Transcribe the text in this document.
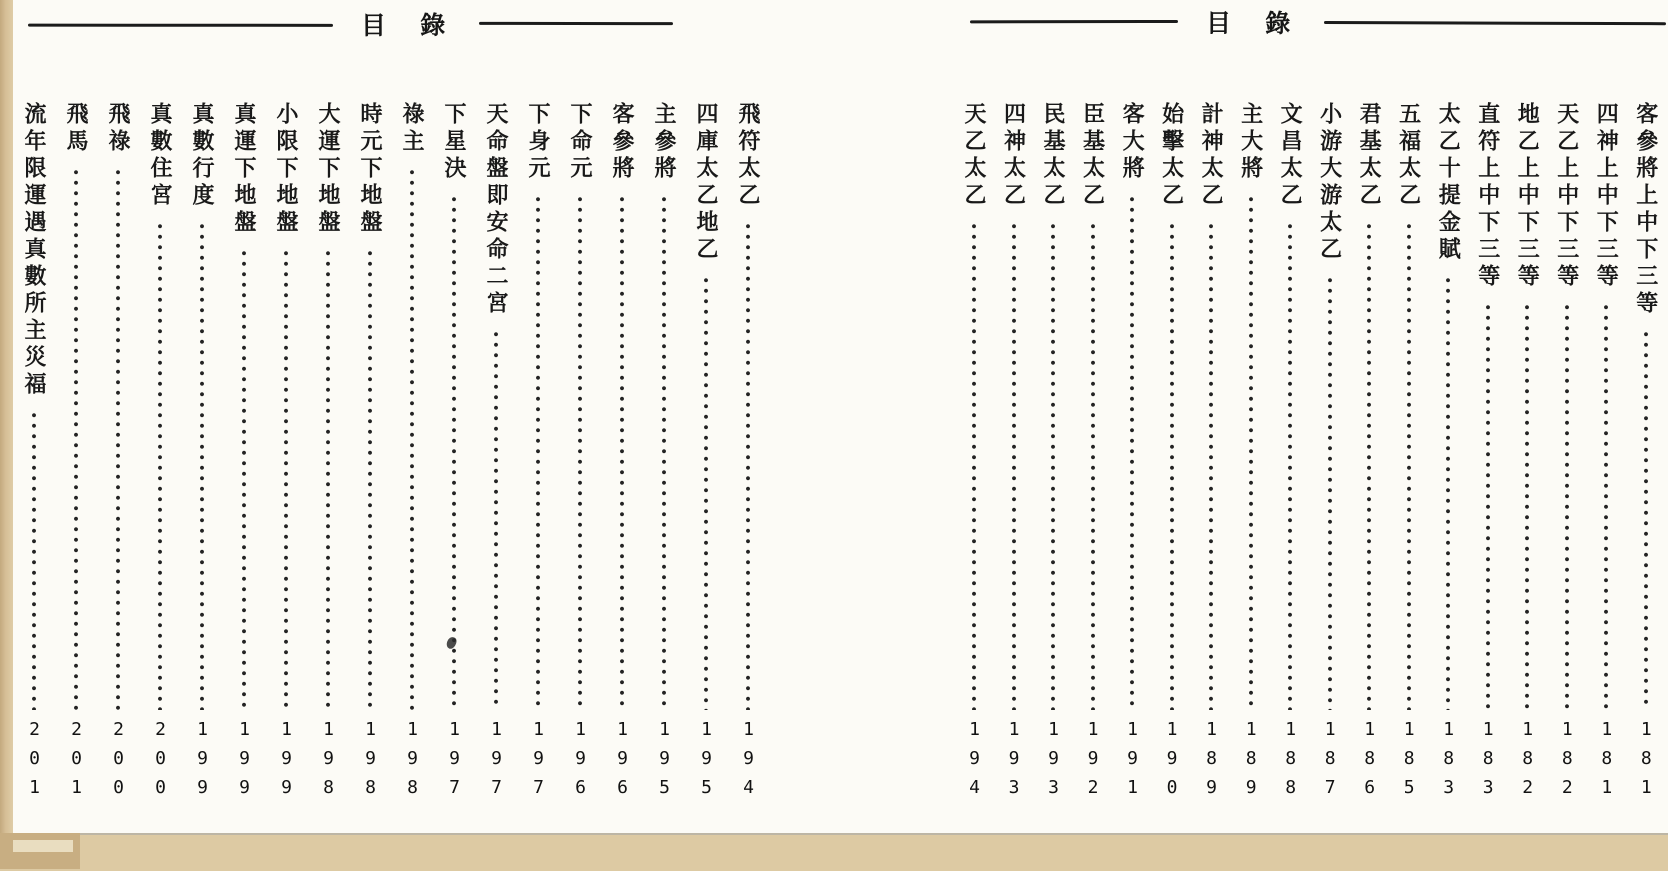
目 錄
飛符太乙
194
四庫太乙地乙
195
主參將
195
客參將
196
下命元
196
下身元
197
天命盤即安命二宮
197
下星決
197
祿主
198
時元下地盤
198
大運下地盤
198
小限下地盤
199
真運下地盤
199
真數行度
199
真數住宮
200
飛祿
200
飛馬
201
流年限運遇真數所主災福
201
目 錄
客參將上中下三等
181
四神上中下三等
181
天乙上中下三等
182
地乙上中下三等
182
直符上中下三等
183
太乙十提金賦
183
五福太乙
185
君基太乙
186
小游大游太乙
187
文昌太乙
188
主大將
189
計神太乙
189
始擊太乙
190
客大將
191
臣基太乙
192
民基太乙
193
四神太乙
193
天乙太乙
194
